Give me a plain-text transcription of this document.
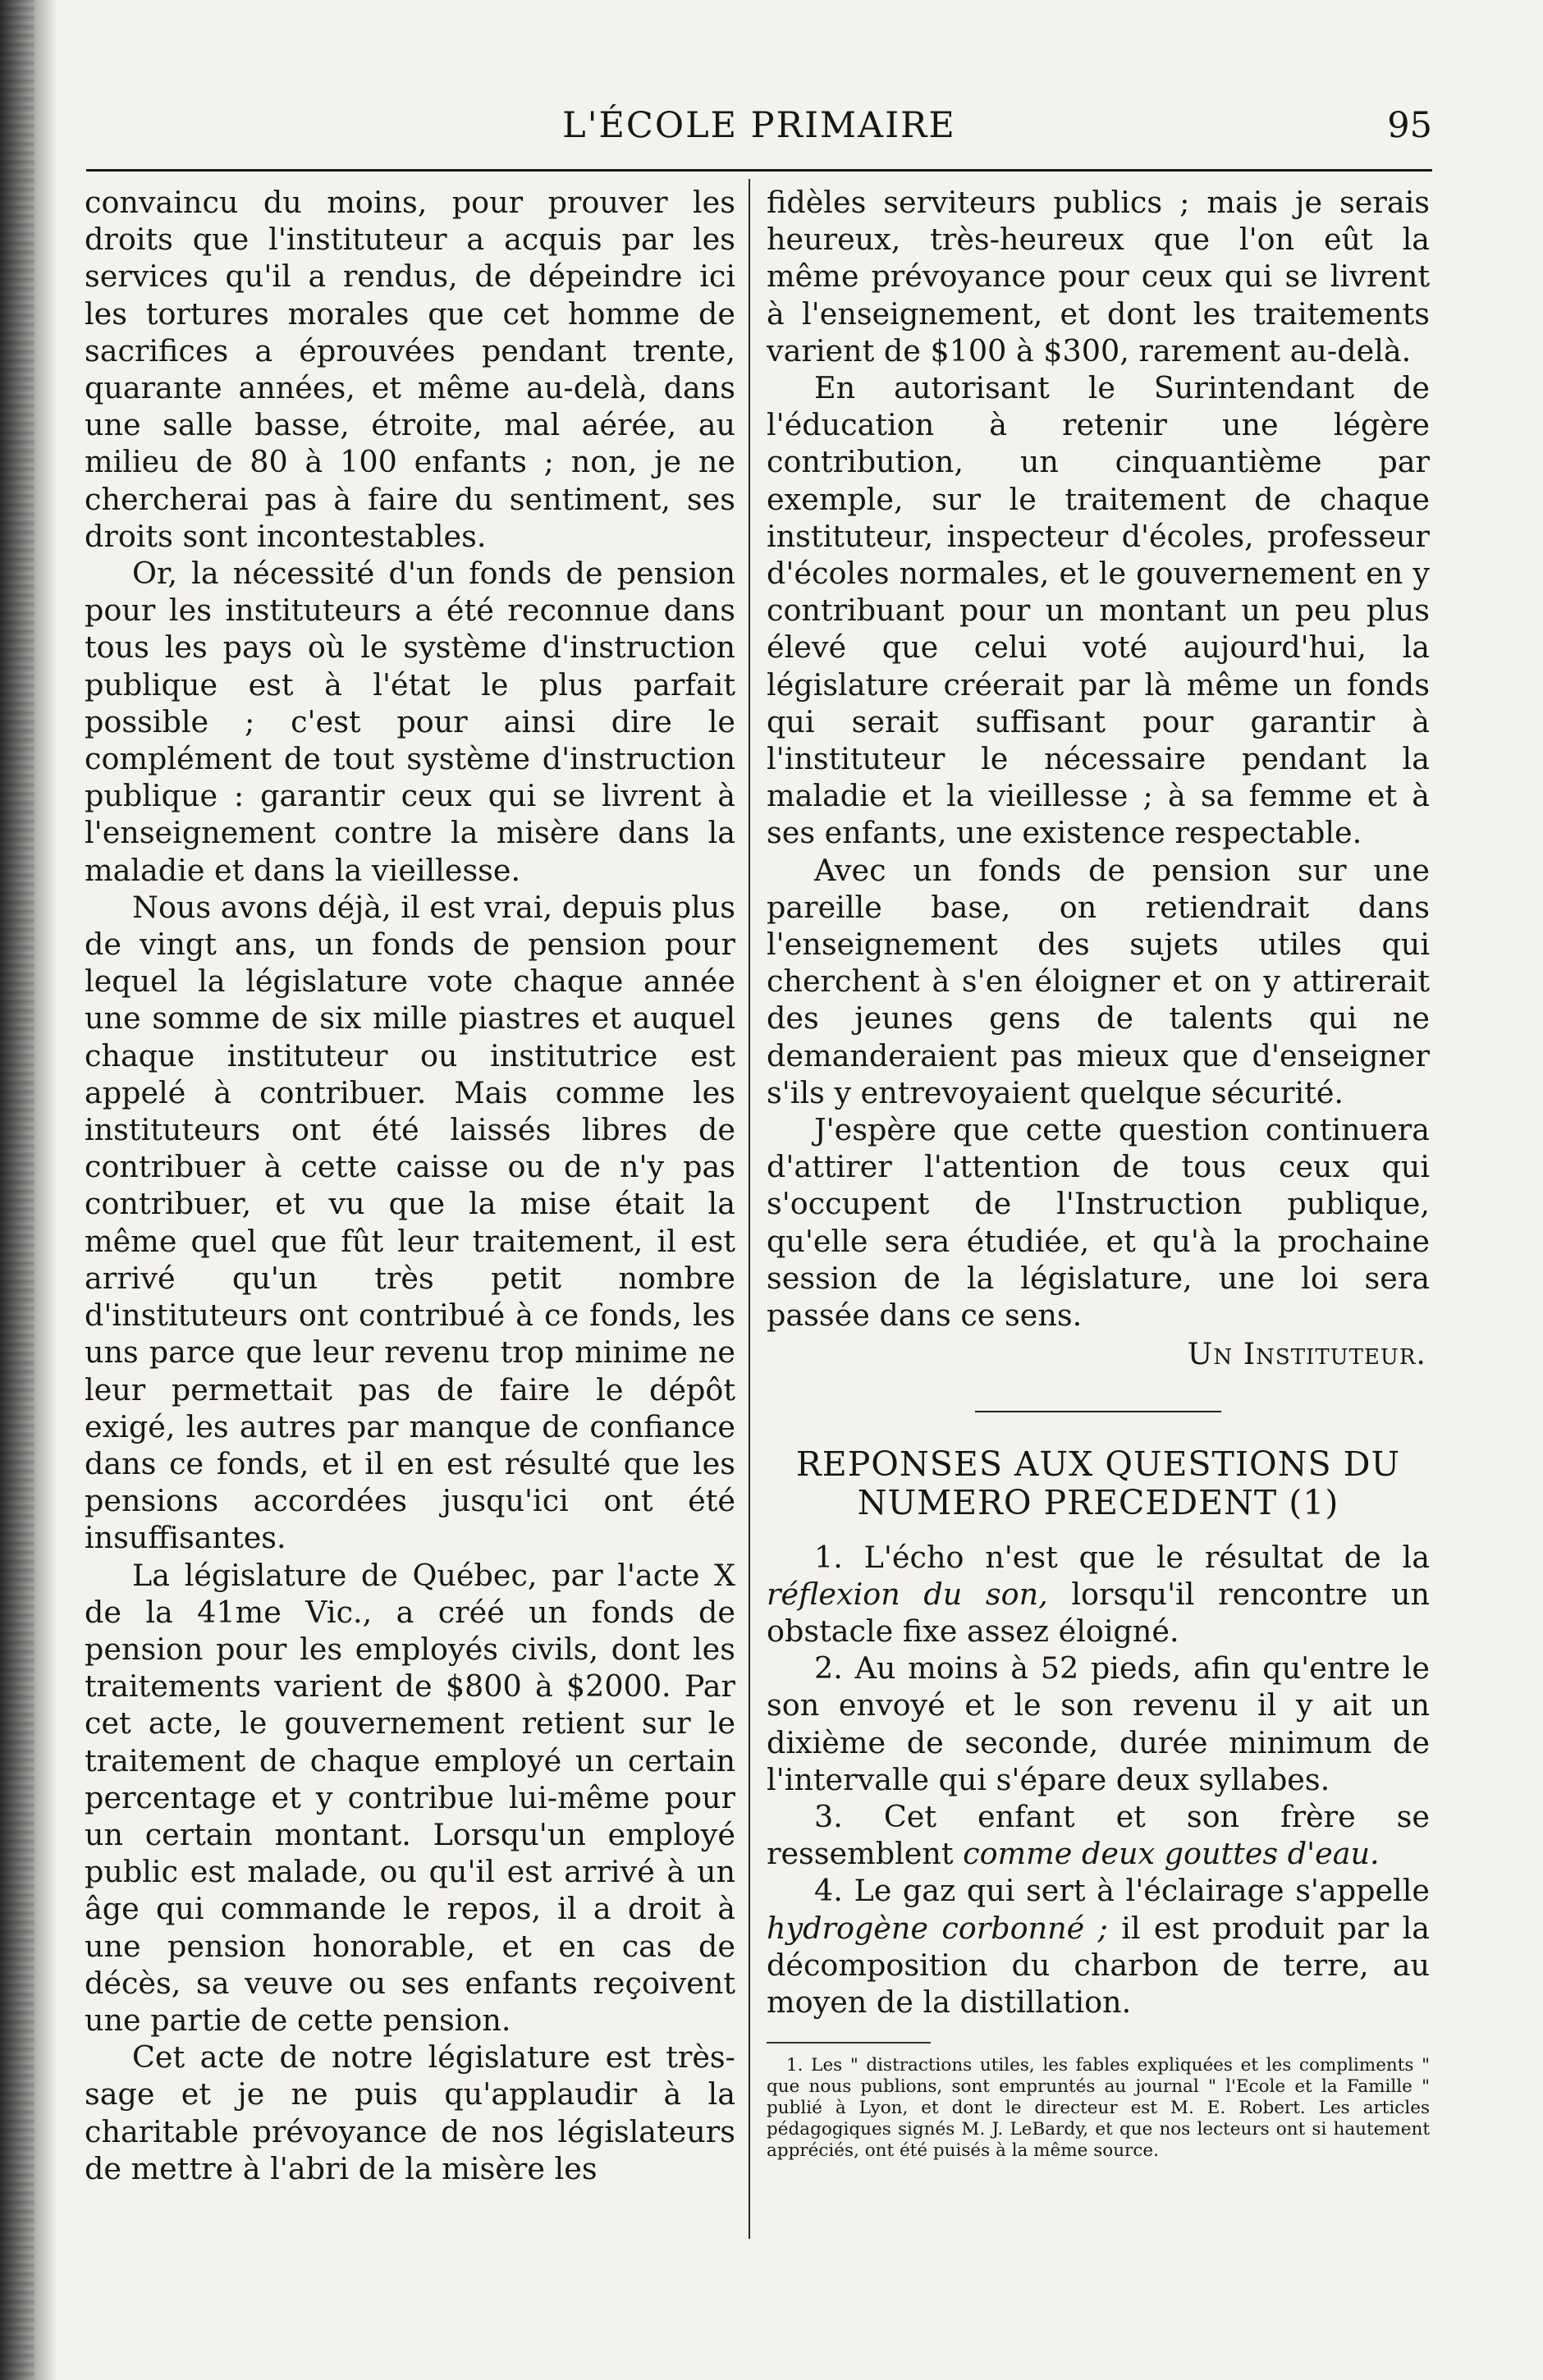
L'ÉCOLE PRIMAIRE	95

convaincu du moins, pour prouver les droits que l'instituteur a acquis par les services qu'il a rendus, de dépeindre ici les tortures morales que cet homme de sacrifices a éprouvées pendant trente, quarante années, et même au-delà, dans une salle basse, étroite, mal aérée, au milieu de 80 à 100 enfants ; non, je ne chercherai pas à faire du sentiment, ses droits sont incontestables.

Or, la nécessité d'un fonds de pension pour les instituteurs a été reconnue dans tous les pays où le système d'instruction publique est à l'état le plus parfait possible ; c'est pour ainsi dire le complément de tout système d'instruction publique : garantir ceux qui se livrent à l'enseignement contre la misère dans la maladie et dans la vieillesse.

Nous avons déjà, il est vrai, depuis plus de vingt ans, un fonds de pension pour lequel la législature vote chaque année une somme de six mille piastres et auquel chaque instituteur ou institutrice est appelé à contribuer. Mais comme les instituteurs ont été laissés libres de contribuer à cette caisse ou de n'y pas contribuer, et vu que la mise était la même quel que fût leur traitement, il est arrivé qu'un très petit nombre d'instituteurs ont contribué à ce fonds, les uns parce que leur revenu trop minime ne leur permettait pas de faire le dépôt exigé, les autres par manque de confiance dans ce fonds, et il en est résulté que les pensions accordées jusqu'ici ont été insuffisantes.

La législature de Québec, par l'acte X de la 41me Vic., a créé un fonds de pension pour les employés civils, dont les traitements varient de $800 à $2000. Par cet acte, le gouvernement retient sur le traitement de chaque employé un certain percentage et y contribue lui-même pour un certain montant. Lorsqu'un employé public est malade, ou qu'il est arrivé à un âge qui commande le repos, il a droit à une pension honorable, et en cas de décès, sa veuve ou ses enfants reçoivent une partie de cette pension.

Cet acte de notre législature est très-sage et je ne puis qu'applaudir à la charitable prévoyance de nos législateurs de mettre à l'abri de la misère les

fidèles serviteurs publics ; mais je serais heureux, très-heureux que l'on eût la même prévoyance pour ceux qui se livrent à l'enseignement, et dont les traitements varient de $100 à $300, rarement au-delà.

En autorisant le Surintendant de l'éducation à retenir une légère contribution, un cinquantième par exemple, sur le traitement de chaque instituteur, inspecteur d'écoles, professeur d'écoles normales, et le gouvernement en y contribuant pour un montant un peu plus élevé que celui voté aujourd'hui, la législature créerait par là même un fonds qui serait suffisant pour garantir à l'instituteur le nécessaire pendant la maladie et la vieillesse ; à sa femme et à ses enfants, une existence respectable.

Avec un fonds de pension sur une pareille base, on retiendrait dans l'enseignement des sujets utiles qui cherchent à s'en éloigner et on y attirerait des jeunes gens de talents qui ne demanderaient pas mieux que d'enseigner s'ils y entrevoyaient quelque sécurité.

J'espère que cette question continuera d'attirer l'attention de tous ceux qui s'occupent de l'Instruction publique, qu'elle sera étudiée, et qu'à la prochaine session de la législature, une loi sera passée dans ce sens.

Un Instituteur.
REPONSES AUX QUESTIONS DU
NUMERO PRECEDENT (1)

1. L'écho n'est que le résultat de la réflexion du son, lorsqu'il rencontre un obstacle fixe assez éloigné.

2. Au moins à 52 pieds, afin qu'entre le son envoyé et le son revenu il y ait un dixième de seconde, durée minimum de l'intervalle qui s'épare deux syllabes.

3. Cet enfant et son frère se ressemblent comme deux gouttes d'eau.

4. Le gaz qui sert à l'éclairage s'appelle hydrogène corbonné ; il est produit par la décomposition du charbon de terre, au moyen de la distillation.

1. Les " distractions utiles, les fables expliquées et les compliments " que nous publions, sont empruntés au journal " l'Ecole et la Famille " publié à Lyon, et dont le directeur est M. E. Robert. Les articles pédagogiques signés M. J. LeBardy, et que nos lecteurs ont si hautement appréciés, ont été puisés à la même source.
